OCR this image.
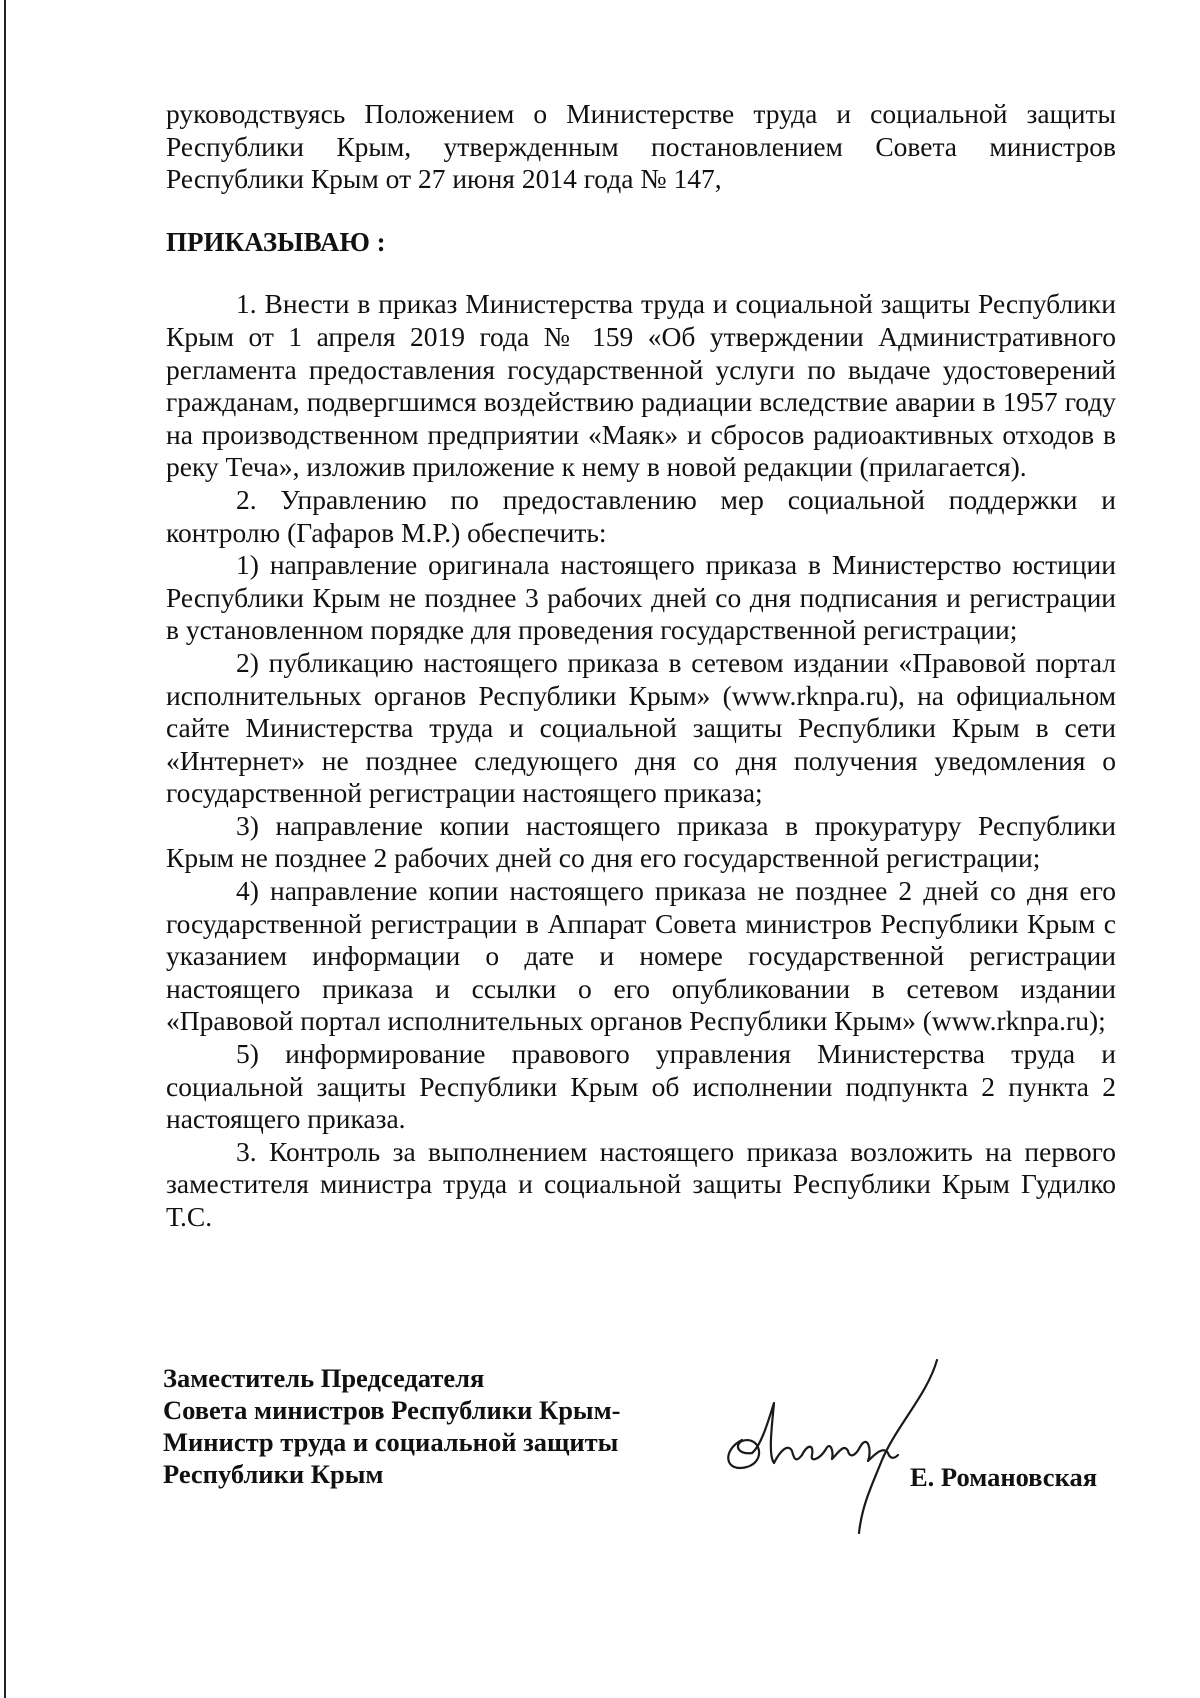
руководствуясь Положением о Министерстве труда и социальной защиты Республики Крым, утвержденным постановлением Совета министров Республики Крым от 27 июня 2014 года № 147,

ПРИКАЗЫВАЮ :

1. Внести в приказ Министерства труда и социальной защиты Республики Крым от 1 апреля 2019 года № 159 «Об утверждении Административного регламента предоставления государственной услуги по выдаче удостоверений гражданам, подвергшимся воздействию радиации вследствие аварии в 1957 году на производственном предприятии «Маяк» и сбросов радиоактивных отходов в реку Теча», изложив приложение к нему в новой редакции (прилагается).

2. Управлению по предоставлению мер социальной поддержки и контролю (Гафаров М.Р.) обеспечить:

1) направление оригинала настоящего приказа в Министерство юстиции Республики Крым не позднее 3 рабочих дней со дня подписания и регистрации в установленном порядке для проведения государственной регистрации;

2) публикацию настоящего приказа в сетевом издании «Правовой портал исполнительных органов Республики Крым» (www.rknpa.ru), на официальном сайте Министерства труда и социальной защиты Республики Крым в сети «Интернет» не позднее следующего дня со дня получения уведомления о государственной регистрации настоящего приказа;

3) направление копии настоящего приказа в прокуратуру Республики Крым не позднее 2 рабочих дней со дня его государственной регистрации;

4) направление копии настоящего приказа не позднее 2 дней со дня его государственной регистрации в Аппарат Совета министров Республики Крым с указанием информации о дате и номере государственной регистрации настоящего приказа и ссылки о его опубликовании в сетевом издании «Правовой портал исполнительных органов Республики Крым» (www.rknpa.ru);

5) информирование правового управления Министерства труда и социальной защиты Республики Крым об исполнении подпункта 2 пункта 2 настоящего приказа.

3. Контроль за выполнением настоящего приказа возложить на первого заместителя министра труда и социальной защиты Республики Крым Гудилко Т.С.

Заместитель Председателя
Совета министров Республики Крым-
Министр труда и социальной защиты
Республики Крым	Е. Романовская
